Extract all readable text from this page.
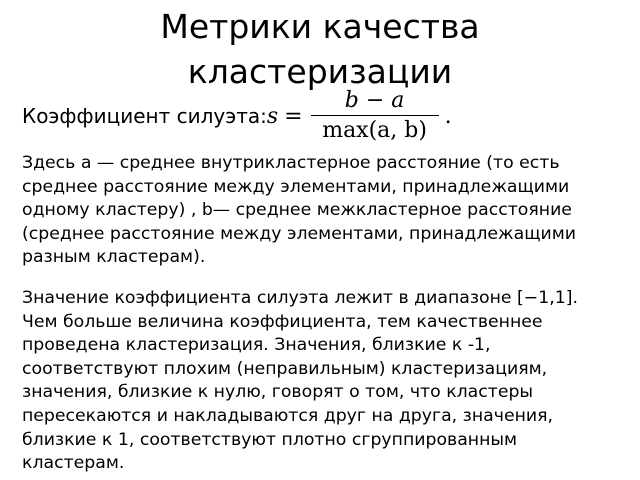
Метрики качества
кластеризации
Коэффициент силуэта: $s = \frac{b - a}{\max(a, b)}$ .
Здесь a — среднее внутрикластерное расстояние (то есть
среднее расстояние между элементами, принадлежащими
одному кластеру) , b— среднее межкластерное расстояние
(cреднее расстояние между элементами, принадлежащими
разным кластерам).
Значение коэффициента силуэта лежит в диапазоне [−1,1].
Чем больше величина коэффициента, тем качественнее
проведена кластеризация. Значения, близкие к -1,
соответствуют плохим (неправильным) кластеризациям,
значения, близкие к нулю, говорят о том, что кластеры
пересекаются и накладываются друг на друга, значения,
близкие к 1, соответствуют плотно сгруппированным
кластерам.
